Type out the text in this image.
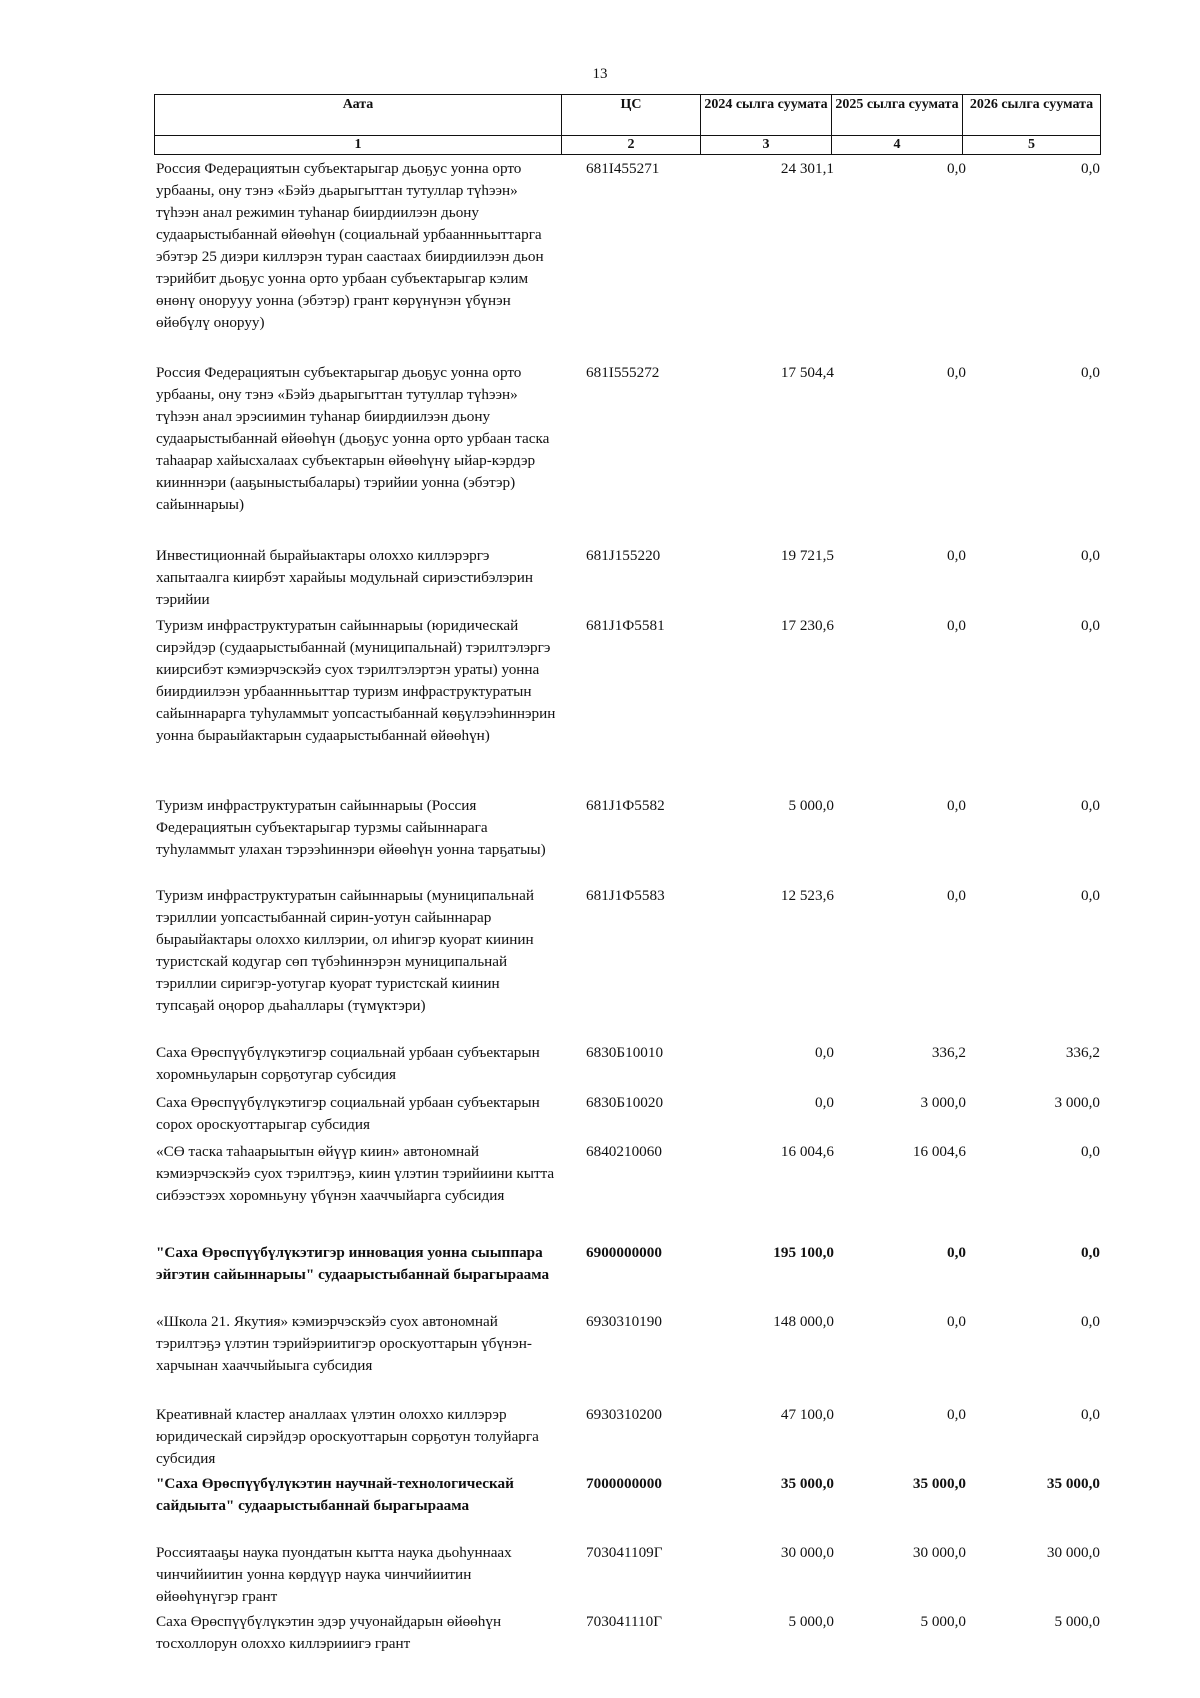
13
Аата	ЦС	2024 сылга суумата	2025 сылга суумата	2026 сылга суумата
1	2	3	4	5
Россия Федерациятын субъектарыгар дьоҕус уонна орто урбааны, ону тэнэ «Бэйэ дьарыгыттан тутуллар түһээн» түһээн анал режимин туһанар биирдиилээн дьону судаарыстыбаннай өйөөһүн (социальнай урбааннньыттарга эбэтэр 25 диэри киллэрэн туран саастаах биирдиилээн дьон тэрийбит дьоҕус уонна орто урбаан субъектарыгар кэлим өнөнү онорууу уонна (эбэтэр) грант көрүнүнэн үбүнэн өйөбүлү оноруу)
681I455271	24 301,1	0,0	0,0
Россия Федерациятын субъектарыгар дьоҕус уонна орто урбааны, ону тэнэ «Бэйэ дьарыгыттан тутуллар түһээн» түһээн анал эрэсиимин туһанар биирдиилээн дьону судаарыстыбаннай өйөөһүн (дьоҕус уонна орто урбаан таска таһаарар хайысхалаах субъектарын өйөөһүнү ыйар-кэрдэр киинннэри (ааҕыныстыбалары) тэрийии уонна (эбэтэр) сайыннарыы)
681I555272	17 504,4	0,0	0,0
Инвестиционнай бырайыактары олоххо киллэрэргэ хапытаалга киирбэт харайыы модульнай сириэстибэлэрин тэрийии
681J155220	19 721,5	0,0	0,0
Туризм инфраструктуратын сайыннарыы (юридическай сирэйдэр (судаарыстыбаннай (муниципальнай) тэрилтэлэргэ киирсибэт кэмиэрчэскэйэ суох тэрилтэлэртэн ураты) уонна биирдиилээн урбааннньыттар туризм инфраструктуратын сайыннарарга туһуламмыт уопсастыбаннай көҕүлээһиннэрин уонна быраыйактарын судаарыстыбаннай өйөөһүн)
681J1Ф5581	17 230,6	0,0	0,0
Туризм инфраструктуратын сайыннарыы (Россия Федерациятын субъектарыгар турзмы сайыннарага туһуламмыт улахан тэрээһиннэри өйөөһүн уонна тарҕатыы)
681J1Ф5582	5 000,0	0,0	0,0
Туризм инфраструктуратын сайыннарыы (муниципальнай тэриллии уопсастыбаннай сирин-уотун сайыннарар быраыйактары олоххо киллэрии, ол иһигэр куорат киинин туристскай кодугар сөп түбэһиннэрэн муниципальнай тэриллии сиригэр-уотугар куорат туристскай киинин тупсаҕай оңорор дьаһаллары (түмүктэри)
681J1Ф5583	12 523,6	0,0	0,0
Саха Өрөспүүбүлүкэтигэр социальнай урбаан субъектарын хоромньуларын сорҕотугар субсидия
6830Б10010	0,0	336,2	336,2
Саха Өрөспүүбүлүкэтигэр социальнай урбаан субъектарын сорох ороскуоттарыгар субсидия
6830Б10020	0,0	3 000,0	3 000,0
«СӨ таска таһаарыытын өйүүр киин» автономнай кэмиэрчэскэйэ суох тэрилтэҕэ, киин үлэтин тэрийиини кытта сибээстээх хоромньуну үбүнэн хааччыйарга субсидия
6840210060	16 004,6	16 004,6	0,0
"Саха Өрөспүүбүлүкэтигэр инновация уонна сыыппара эйгэтин сайыннарыы" судаарыстыбаннай бырагыраама
6900000000	195 100,0	0,0	0,0
«Школа 21. Якутия» кэмиэрчэскэйэ суох автономнай тэрилтэҕэ үлэтин тэрийэриитигэр ороскуоттарын үбүнэн-харчынан хааччыйыыга субсидия
6930310190	148 000,0	0,0	0,0
Креативнай кластер аналлаах үлэтин олоххо киллэрэр юридическай сирэйдэр ороскуоттарын сорҕотун толуйарга субсидия
6930310200	47 100,0	0,0	0,0
"Саха Өрөспүүбүлүкэтин научнай-технологическай сайдыыта" судаарыстыбаннай бырагыраама
7000000000	35 000,0	35 000,0	35 000,0
Россиятааҕы наука пуондатын кытта наука дьоһуннаах чинчийиитин уонна көрдүүр наука чинчийиитин өйөөһүнүгэр грант
703041109Г	30 000,0	30 000,0	30 000,0
Саха Өрөспүүбүлүкэтин эдэр учуонайдарын өйөөһүн тосхоллорун олоххо киллэрииигэ грант
703041110Г	5 000,0	5 000,0	5 000,0
